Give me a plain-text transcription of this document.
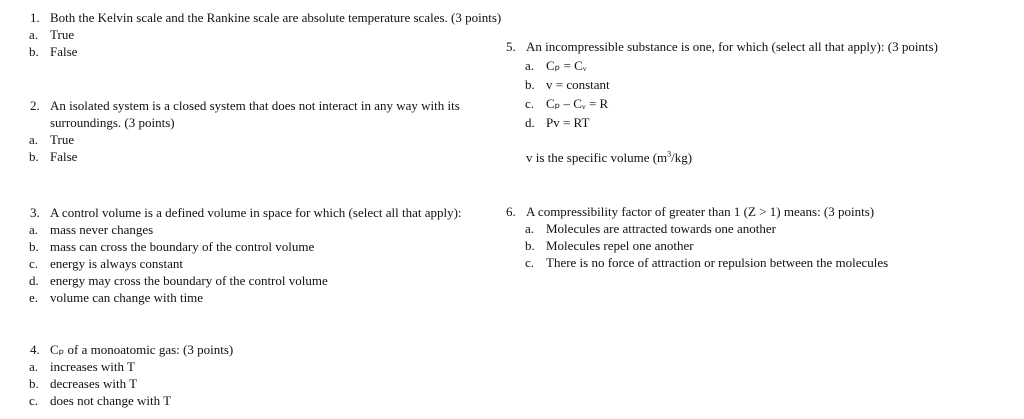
1. Both the Kelvin scale and the Rankine scale are absolute temperature scales. (3 points)
a. True
b. False
2. An isolated system is a closed system that does not interact in any way with its
surroundings. (3 points)
a. True
b. False
3. A control volume is a defined volume in space for which (select all that apply):
a. mass never changes
b. mass can cross the boundary of the control volume
c. energy is always constant
d. energy may cross the boundary of the control volume
e. volume can change with time
4. Cₚ of a monoatomic gas: (3 points)
a. increases with T
b. decreases with T
c. does not change with T
5. An incompressible substance is one, for which (select all that apply): (3 points)
a. Cₚ = Cᵥ
b. v = constant
c. Cₚ – Cᵥ = R
d. Pv = RT
v is the specific volume $(m^3/kg)$
6. A compressibility factor of greater than 1 (Z > 1) means: (3 points)
a. Molecules are attracted towards one another
b. Molecules repel one another
c. There is no force of attraction or repulsion between the molecules
